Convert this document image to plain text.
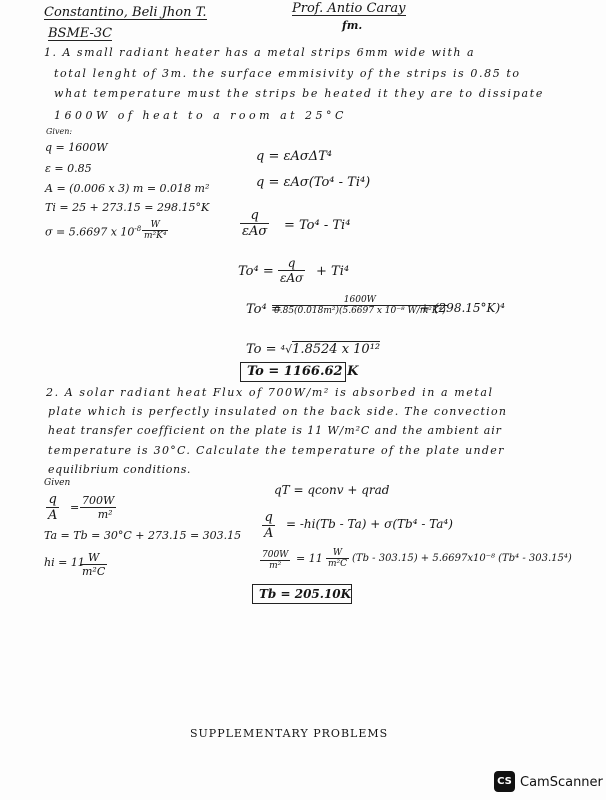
Constantino, Beli Jhon T.	Prof. Antio Caray
fm.
BSME-3C
1. A small radiant heater has a metal strips 6mm wide with a
total lenght of 3m. the surface emmisivity of the strips is 0.85 to
what temperature must the strips be heated it they are to dissipate
1600W of heat to a room at 25°C
Given:
q = 1600W
ε = 0.85
A = (0.006 x 3) m = 0.018 m²
Ti = 25 + 273.15 = 298.15°K
σ = 5.6697 x $10^{-8} \frac{W}{\text{m²K⁴}}$
q = εAσΔT⁴
q = εAσ(To⁴ - Ti⁴)
q
εAσ = To⁴ - Ti⁴
To⁴ =
q
εAσ + Ti⁴
To⁴ =
$\frac{1600W}{\text{0.85(0.018m²)(5.6697 x 10⁻⁸ W/m²K⁴)}}$
+ (298.15°K)⁴
To = ⁴√1.8524 x 10¹²
To = 1166.62 K
2. A solar radiant heat Flux of 700W/m² is absorbed in a metal
plate which is perfectly insulated on the back side. The convection
heat transfer coefficient on the plate is 11 W/m²C and the ambient air
temperature is 30°C. Calculate the temperature of the plate under
equilibrium conditions.
Given
$\frac{q}{A} = \frac{700W}{\text{m²}}$
Ta = Tb = 30°C + 273.15 = 303.15
hi = 11
$\frac{W}{\text{m²C}}$
qT = qconv + qrad
$\frac{q}{A} = -hi(Tb - Ta) + \sigma(Tb^4 - Ta^4)$
$\frac{700W}{\text{m²}} = 11 \frac{W}{\text{m²C}} (Tb - 303.15) + 5.6697x10^{-8}$ (Tb⁴ - 303.15⁴)
Tb = 205.10K
SUPPLEMENTARY PROBLEMS
CS CamScanner
